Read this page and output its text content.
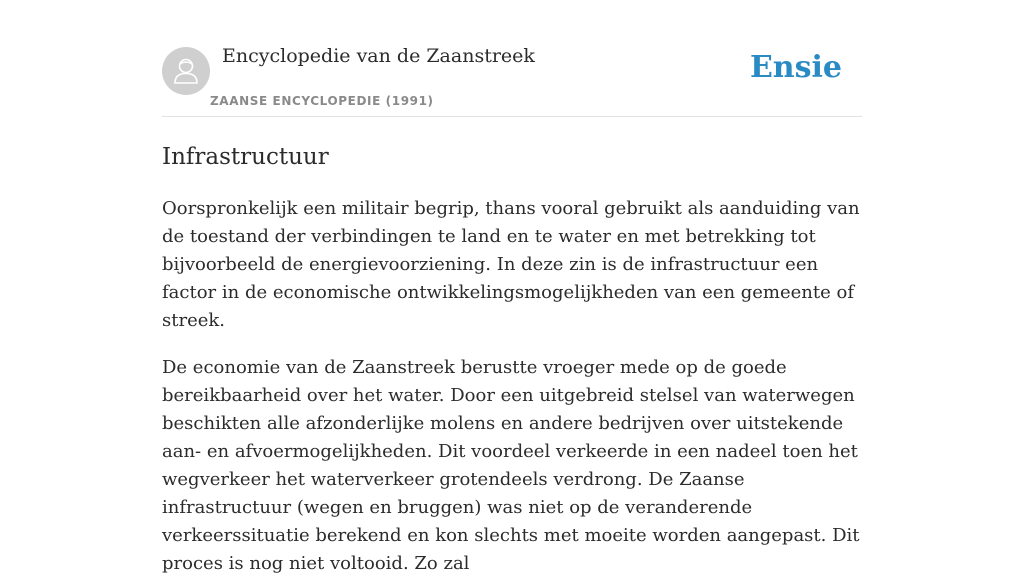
Encyclopedie van de Zaanstreek
ZAANSE ENCYCLOPEDIE (1991)
Ensie
Infrastructuur

Oorspronkelijk een militair begrip, thans vooral gebruikt als aanduiding van de toestand der verbindingen te land en te water en met betrekking tot bijvoorbeeld de energievoorziening. In deze zin is de infrastructuur een factor in de economische ontwikkelingsmogelijkheden van een gemeente of streek.

De economie van de Zaanstreek berustte vroeger mede op de goede bereikbaarheid over het water. Door een uitgebreid stelsel van waterwegen beschikten alle afzonderlijke molens en andere bedrijven over uitstekende aan- en afvoermogelijkheden. Dit voordeel verkeerde in een nadeel toen het wegverkeer het waterverkeer grotendeels verdrong. De Zaanse infrastructuur (wegen en bruggen) was niet op de veranderende verkeerssituatie berekend en kon slechts met moeite worden aangepast. Dit proces is nog niet voltooid. Zo zal
